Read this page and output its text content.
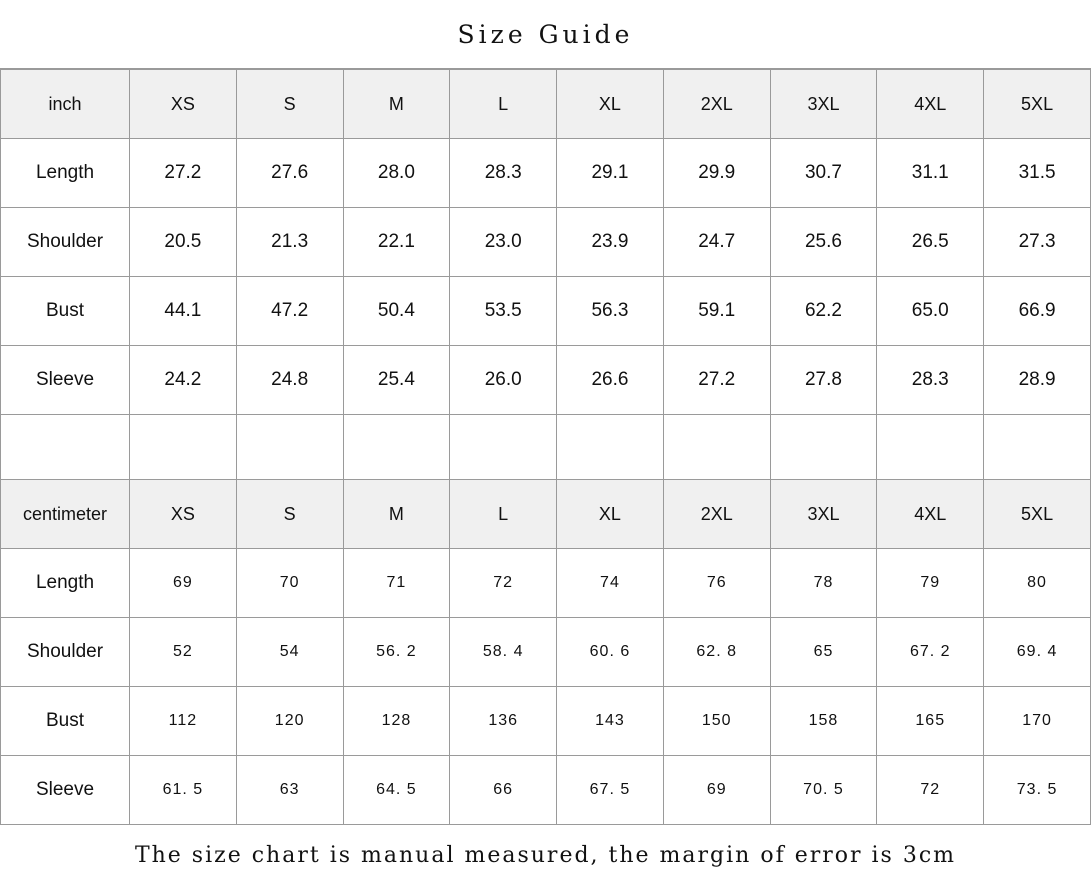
Size Guide
inch	XS	S	M	L	XL	2XL	3XL	4XL	5XL
Length	27.2	27.6	28.0	28.3	29.1	29.9	30.7	31.1	31.5
Shoulder	20.5	21.3	22.1	23.0	23.9	24.7	25.6	26.5	27.3
Bust	44.1	47.2	50.4	53.5	56.3	59.1	62.2	65.0	66.9
Sleeve	24.2	24.8	25.4	26.0	26.6	27.2	27.8	28.3	28.9

centimeter	XS	S	M	L	XL	2XL	3XL	4XL	5XL
Length	69	70	71	72	74	76	78	79	80
Shoulder	52	54	56. 2	58. 4	60. 6	62. 8	65	67. 2	69. 4
Bust	112	120	128	136	143	150	158	165	170
Sleeve	61. 5	63	64. 5	66	67. 5	69	70. 5	72	73. 5
The size chart is manual measured, the margin of error is 3cm
